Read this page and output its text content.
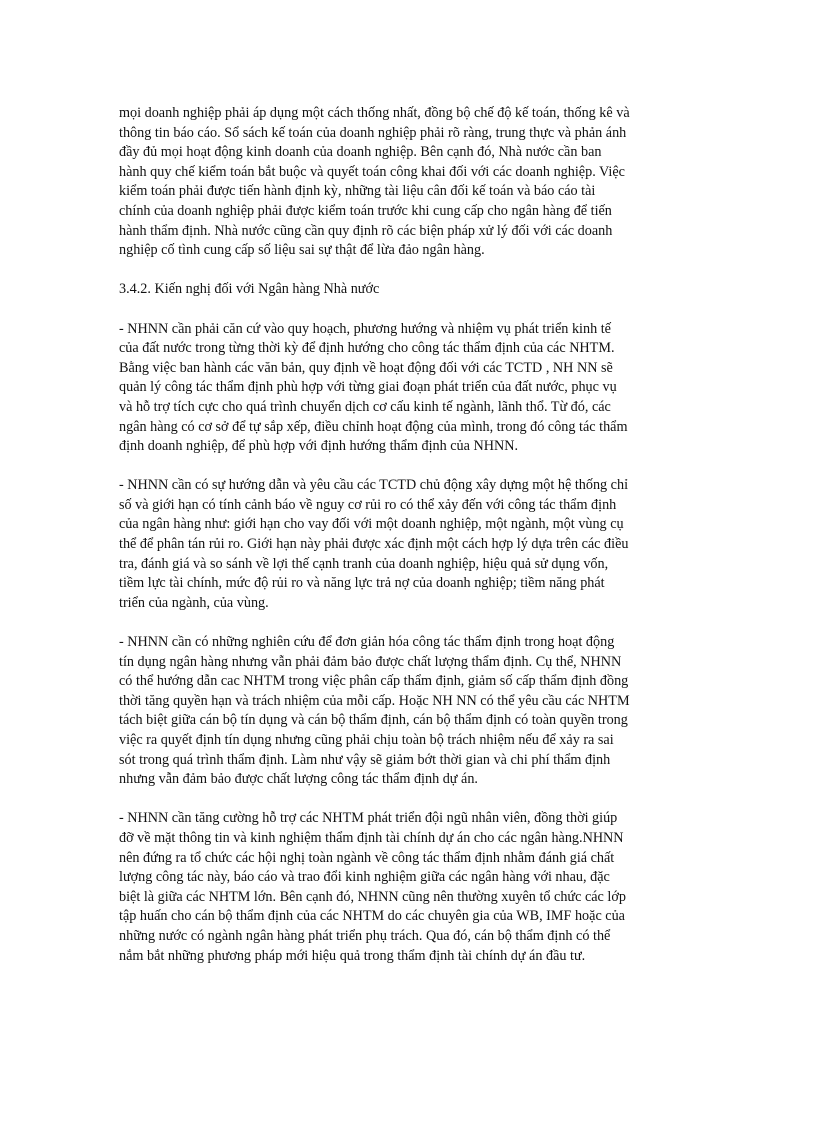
mọi doanh nghiệp phải áp dụng một cách thống nhất, đồng bộ chế độ kế toán, thống kê và
thông tin báo cáo. Sổ sách kế toán của doanh nghiệp phải rõ ràng, trung thực và phản ánh
đầy đủ mọi hoạt động kinh doanh của doanh nghiệp. Bên cạnh đó, Nhà nước cần ban
hành quy chế kiểm toán bắt buộc và quyết toán công khai đối với các doanh nghiệp. Việc
kiểm toán phải được tiến hành định kỳ, những tài liệu cân đối kế toán và báo cáo tài
chính của doanh nghiệp phải được kiểm toán trước khi cung cấp cho ngân hàng để tiến
hành thẩm định. Nhà nước cũng cần quy định rõ các biện pháp xử lý đối với các doanh
nghiệp cố tình cung cấp số liệu sai sự thật để lừa đảo ngân hàng.
3.4.2. Kiến nghị đối với Ngân hàng Nhà nước
- NHNN cần phải căn cứ vào quy hoạch, phương hướng và nhiệm vụ phát triển kinh tế
của đất nước trong từng thời kỳ để định hướng cho công tác thẩm định của các NHTM.
Bằng việc ban hành các văn bản, quy định về hoạt động đối với các TCTD , NH NN sẽ
quản lý công tác thẩm định phù hợp với từng giai đoạn phát triển của đất nước, phục vụ
và hỗ trợ tích cực cho quá trình chuyển dịch cơ cấu kinh tế ngành, lãnh thổ. Từ đó, các
ngân hàng có cơ sở để tự sắp xếp, điều chỉnh hoạt động của mình, trong đó công tác thẩm
định doanh nghiệp, để phù hợp với định hướng thẩm định của NHNN.
- NHNN cần có sự hướng dẫn và yêu cầu các TCTD chủ động xây dựng một hệ thống chỉ
số và giới hạn có tính cảnh báo về nguy cơ rủi ro có thể xảy đến với công tác thẩm định
của ngân hàng như: giới hạn cho vay đối với một doanh nghiệp, một ngành, một vùng cụ
thể để phân tán rủi ro. Giới hạn này phải được xác định một cách hợp lý dựa trên các điều
tra, đánh giá và so sánh về lợi thế cạnh tranh của doanh nghiệp, hiệu quả sử dụng vốn,
tiềm lực tài chính, mức độ rủi ro và năng lực trả nợ của doanh nghiệp; tiềm năng phát
triển của ngành, của vùng.
- NHNN cần có những nghiên cứu để đơn giản hóa công tác thẩm định trong hoạt động
tín dụng ngân hàng nhưng vẫn phải đảm bảo được chất lượng thẩm định. Cụ thể, NHNN
có thể hướng dẫn cac NHTM trong việc phân cấp thẩm định, giảm số cấp thẩm định đồng
thời tăng quyền hạn và trách nhiệm của mỗi cấp. Hoặc NH NN có thể yêu cầu các NHTM
tách biệt giữa cán bộ tín dụng và cán bộ thẩm định, cán bộ thẩm định có toàn quyền trong
việc ra quyết định tín dụng nhưng cũng phải chịu toàn bộ trách nhiệm nếu để xảy ra sai
sót trong quá trình thẩm định. Làm như vậy sẽ giảm bớt thời gian và chi phí thẩm định
nhưng vẫn đảm bảo được chất lượng công tác thẩm định dự án.
- NHNN cần tăng cường hỗ trợ các NHTM phát triển đội ngũ nhân viên, đồng thời giúp
đỡ về mặt thông tin và kinh nghiệm thẩm định tài chính dự án cho các ngân hàng.NHNN
nên đứng ra tổ chức các hội nghị toàn ngành về công tác thẩm định nhằm đánh giá chất
lượng công tác này, báo cáo và trao đổi kinh nghiệm giữa các ngân hàng với nhau, đặc
biệt là giữa các NHTM lớn. Bên cạnh đó, NHNN cũng nên thường xuyên tổ chức các lớp
tập huấn cho cán bộ thẩm định của các NHTM do các chuyên gia của WB, IMF hoặc của
những nước có ngành ngân hàng phát triển phụ trách. Qua đó, cán bộ thẩm định có thể
nắm bắt những phương pháp mới hiệu quả trong thẩm định tài chính dự án đầu tư.
